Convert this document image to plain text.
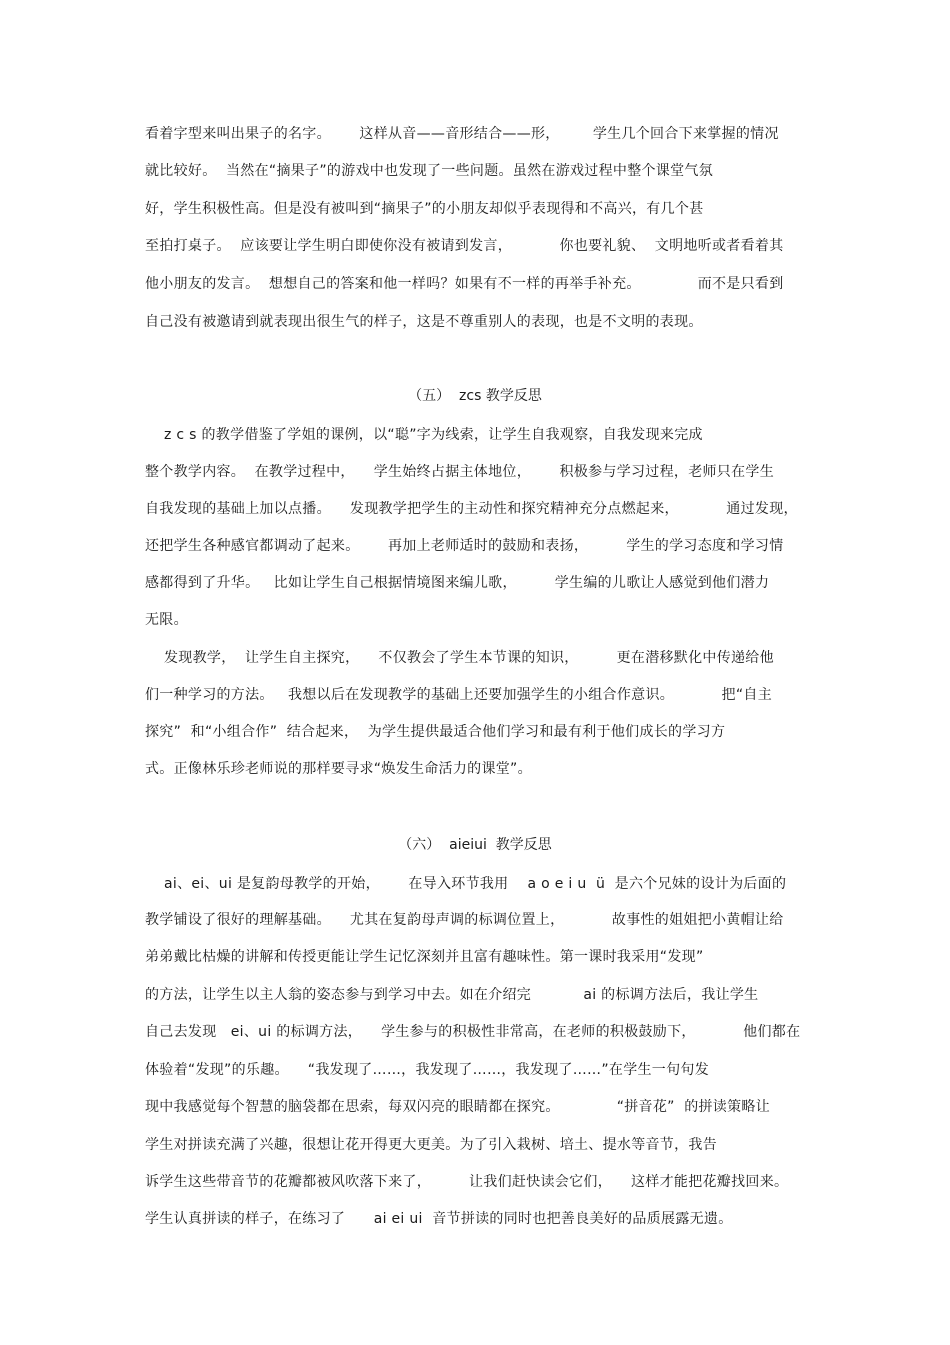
看着字型来叫出果子的名字。      这样从音——音形结合——形，       学生几个回合下来掌握的情况
就比较好。  当然在“摘果子”的游戏中也发现了一些问题。虽然在游戏过程中整个课堂气氛
好，学生积极性高。但是没有被叫到“摘果子”的小朋友却似乎表现得和不高兴，有几个甚
至拍打桌子。  应该要让学生明白即使你没有被请到发言，          你也要礼貌、  文明地听或者看着其
他小朋友的发言。  想想自己的答案和他一样吗？如果有不一样的再举手补充。            而不是只看到
自己没有被邀请到就表现出很生气的样子，这是不尊重别人的表现，也是不文明的表现。
（五）  zcs 教学反思
z c s 的教学借鉴了学姐的课例，以“聪”字为线索，让学生自我观察，自我发现来完成
整个教学内容。  在教学过程中，    学生始终占据主体地位，      积极参与学习过程，老师只在学生
自我发现的基础上加以点播。    发现教学把学生的主动性和探究精神充分点燃起来，          通过发现，
还把学生各种感官都调动了起来。      再加上老师适时的鼓励和表扬，        学生的学习态度和学习情
感都得到了升华。   比如让学生自己根据情境图来编儿歌，        学生编的儿歌让人感觉到他们潜力
无限。
发现教学，  让学生自主探究，    不仅教会了学生本节课的知识，        更在潜移默化中传递给他
们一种学习的方法。   我想以后在发现教学的基础上还要加强学生的小组合作意识。          把“自主
探究”  和“小组合作”  结合起来，  为学生提供最适合他们学习和最有利于他们成长的学习方
式。正像林乐珍老师说的那样要寻求“焕发生命活力的课堂”。
（六）  aieiui  教学反思
ai、ei、ui 是复韵母教学的开始，      在导入环节我用    a o e i u  ü  是六个兄妹的设计为后面的
教学铺设了很好的理解基础。    尤其在复韵母声调的标调位置上，          故事性的姐姐把小黄帽让给
弟弟戴比枯燥的讲解和传授更能让学生记忆深刻并且富有趣味性。第一课时我采用“发现”
的方法，让学生以主人翁的姿态参与到学习中去。如在介绍完           ai 的标调方法后，我让学生
自己去发现   ei、ui 的标调方法，    学生参与的积极性非常高，在老师的积极鼓励下，          他们都在
体验着“发现”的乐趣。    “我发现了……，我发现了……，我发现了……”在学生一句句发
现中我感觉每个智慧的脑袋都在思索，每双闪亮的眼睛都在探究。            “拼音花”  的拼读策略让
学生对拼读充满了兴趣，很想让花开得更大更美。为了引入栽树、培土、提水等音节，我告
诉学生这些带音节的花瓣都被风吹落下来了，        让我们赶快读会它们，    这样才能把花瓣找回来。
学生认真拼读的样子，在练习了      ai ei ui  音节拼读的同时也把善良美好的品质展露无遗。
